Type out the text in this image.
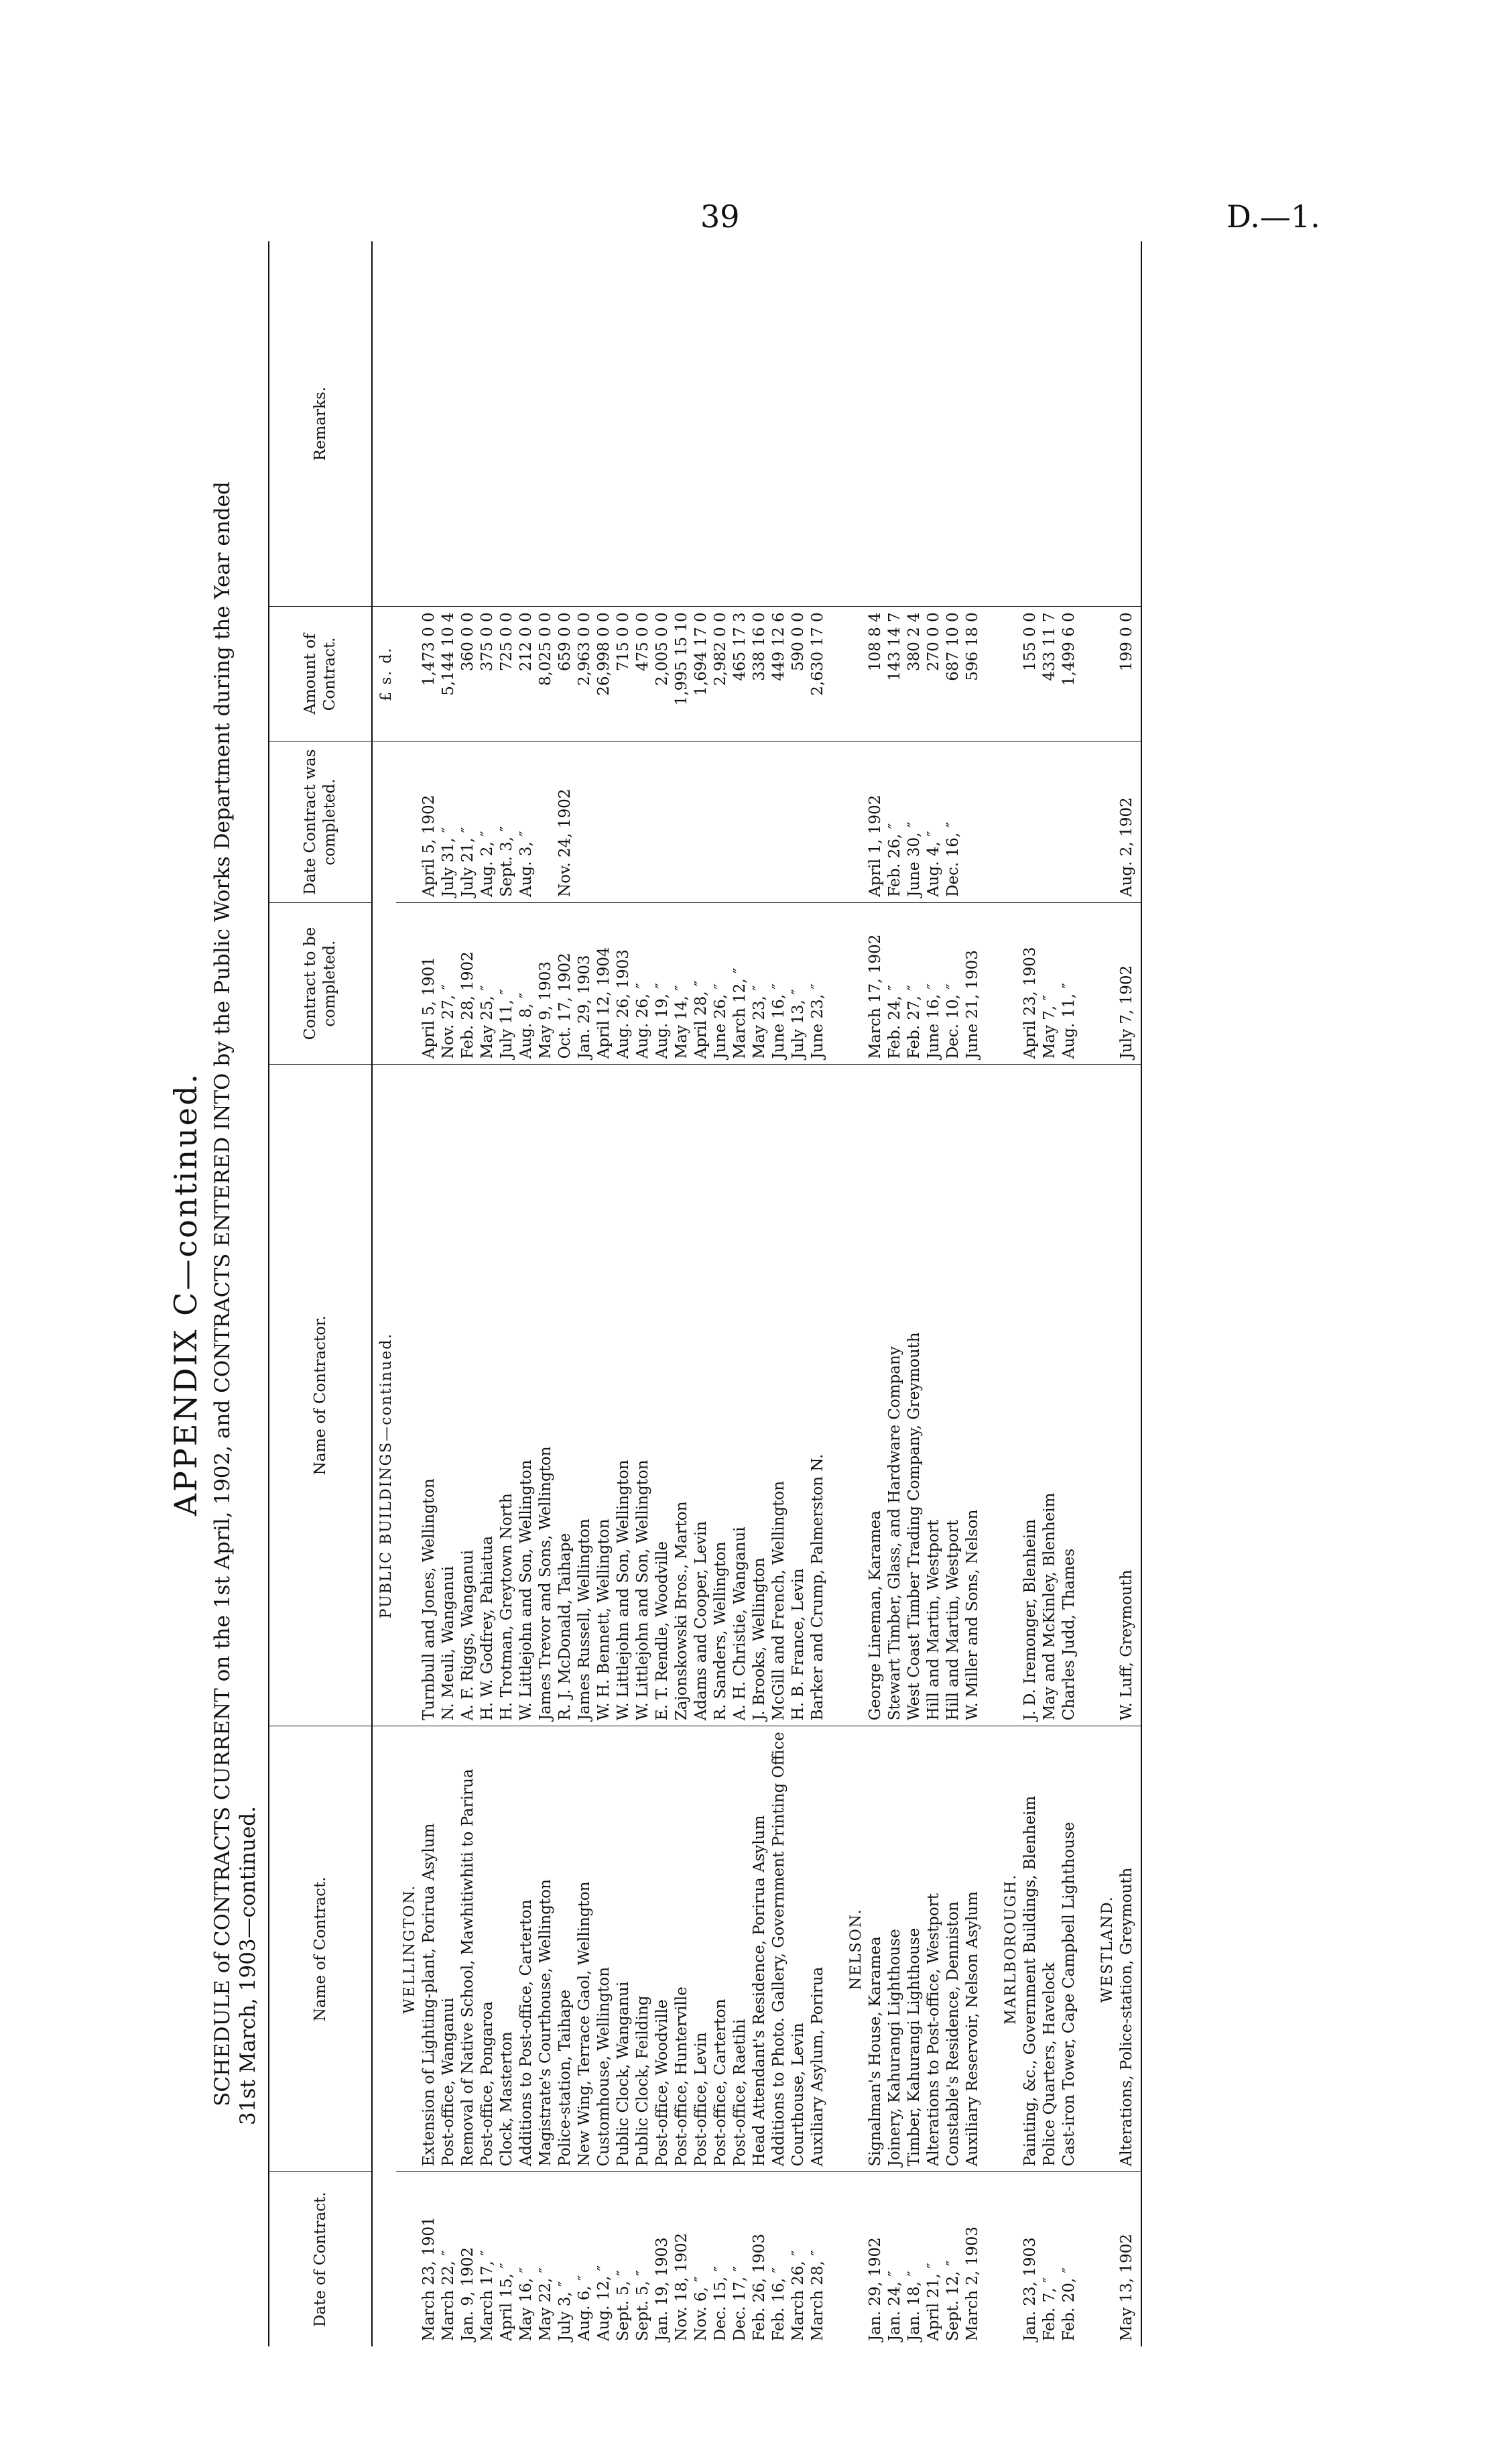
39	D.—1.
APPENDIX C—continued. SCHEDULE of CONTRACTS CURRENT on the 1st April, 1902, and CONTRACTS ENTERED INTO by the Public Works Department during the Year ended 31st March, 1903—continued.
Date of Contract.	Name of Contract.	Name of Contractor.	Contract to be completed.	Date Contract was completed.	Amount of Contract.	Remarks.
		PUBLIC BUILDINGS—continued.			£ s. d.	
	WELLINGTON.					
March 23, 1901	Extension of Lighting-plant, Porirua Asylum	Turnbull and Jones, Wellington	April 5, 1901	April 5, 1902	1,473 0 0	
March 22, ″	Post-office, Wanganui	N. Meuli, Wanganui	Nov. 27, ″	July 31, ″	5,144 10 4	
Jan. 9, 1902	Removal of Native School, Mawhitiwhiti to Parirua	A. F. Riggs, Wanganui	Feb. 28, 1902	July 21, ″	360 0 0	
March 17, ″	Post-office, Pongaroa	H. W. Godfrey, Pahiatua	May 25, ″	Aug. 2, ″	375 0 0	
April 15, ″	Clock, Masterton	H. Trotman, Greytown North	July 11, ″	Sept. 3, ″	725 0 0	
May 16, ″	Additions to Post-office, Carterton	W. Littlejohn and Son, Wellington	Aug. 8, ″	Aug. 3, ″	212 0 0	
May 22, ″	Magistrate's Courthouse, Wellington	James Trevor and Sons, Wellington	May 9, 1903		8,025 0 0	
July 3, ″	Police-station, Taihape	R. J. McDonald, Taihape	Oct. 17, 1902	Nov. 24, 1902	659 0 0	
Aug. 6, ″	New Wing, Terrace Gaol, Wellington	James Russell, Wellington	Jan. 29, 1903		2,963 0 0	
Aug. 12, ″	Customhouse, Wellington	W. H. Bennett, Wellington	April 12, 1904		26,998 0 0	
Sept. 5, ″	Public Clock, Wanganui	W. Littlejohn and Son, Wellington	Aug. 26, 1903		715 0 0	
Sept. 5, ″	Public Clock, Feilding	W. Littlejohn and Son, Wellington	Aug. 26, ″		475 0 0	
Jan. 19, 1903	Post-office, Woodville	E. T. Rendle, Woodville	Aug. 19, ″		2,005 0 0	
Nov. 18, 1902	Post-office, Hunterville	Zajonskowski Bros., Marton	May 14, ″		1,995 15 10	
Nov. 6, ″	Post-office, Levin	Adams and Cooper, Levin	April 28, ″		1,694 17 0	
Dec. 15, ″	Post-office, Carterton	R. Sanders, Wellington	June 26, ″		2,982 0 0	
Dec. 17, ″	Post-office, Raetihi	A. H. Christie, Wanganui	March 12, ″		465 17 3	
Feb. 26, 1903	Head Attendant's Residence, Porirua Asylum	J. Brooks, Wellington	May 23, ″		338 16 0	
Feb. 16, ″	Additions to Photo. Gallery, Government Printing Office	McGill and French, Wellington	June 16, ″		449 12 6	
March 26, ″	Courthouse, Levin	H. B. France, Levin	July 13, ″		590 0 0	
March 28, ″	Auxiliary Asylum, Porirua	Barker and Crump, Palmerston N.	June 23, ″		2,630 17 0	

	NELSON.					
Jan. 29, 1902	Signalman's House, Karamea	George Lineman, Karamea	March 17, 1902	April 1, 1902	108 8 4	
Jan. 24, ″	Joinery, Kahurangi Lighthouse	Stewart Timber, Glass, and Hardware Company	Feb. 24, ″	Feb. 26, ″	143 14 7	
Jan. 18, ″	Timber, Kahurangi Lighthouse	West Coast Timber Trading Company, Greymouth	Feb. 27, ″	June 30, ″	380 2 4	
April 21, ″	Alterations to Post-office, Westport	Hill and Martin, Westport	June 16, ″	Aug. 4, ″	270 0 0	
Sept. 12, ″	Constable's Residence, Denniston	Hill and Martin, Westport	Dec. 10, ″	Dec. 16, ″	687 10 0	
March 2, 1903	Auxiliary Reservoir, Nelson Asylum	W. Miller and Sons, Nelson	June 21, 1903		596 18 0	

	MARLBOROUGH.					
Jan. 23, 1903	Painting, &c., Government Buildings, Blenheim	J. D. Iremonger, Blenheim	April 23, 1903		155 0 0	
Feb. 7, ″	Police Quarters, Havelock	May and McKinley, Blenheim	May 7, ″		433 11 7	
Feb. 20, ″	Cast-iron Tower, Cape Campbell Lighthouse	Charles Judd, Thames	Aug. 11, ″		1,499 6 0	

	WESTLAND.					
May 13, 1902	Alterations, Police-station, Greymouth	W. Luff, Greymouth	July 7, 1902	Aug. 2, 1902	199 0 0	
